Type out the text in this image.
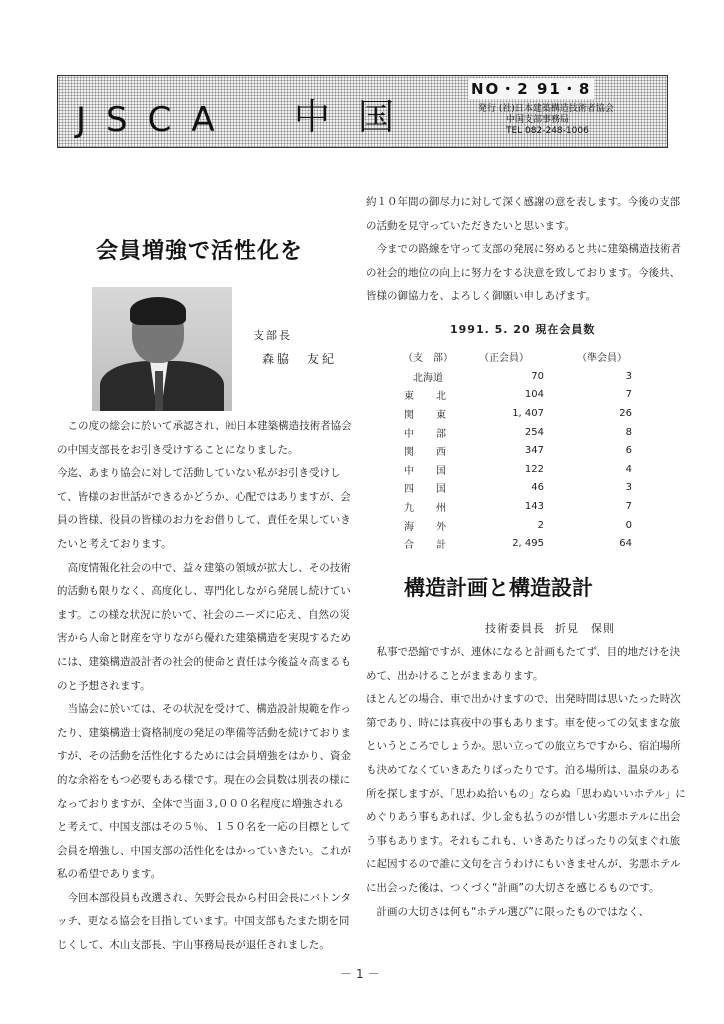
JSCA 中国
NO・2 91・8
発行 (社)日本建築構造技術者協会
中国支部事務局
TEL 082-248-1006
会員増強で活性化を
支部長
森脇　友紀

この度の総会に於いて承認され、㈳日本建築構造技術者協会の中国支部長をお引き受けすることになりました。

今迄、あまり協会に対して活動していない私がお引き受けして、皆様のお世話ができるかどうか、心配ではありますが、会員の皆様、役員の皆様のお力をお借りして、責任を果していきたいと考えております。

高度情報化社会の中で、益々建築の領域が拡大し、その技術的活動も限りなく、高度化し、専門化しながら発展し続けています。この様な状況に於いて、社会のニーズに応え、自然の災害から人命と財産を守りながら優れた建築構造を実現するためには、建築構造設計者の社会的使命と責任は今後益々高まるものと予想されます。

当協会に於いては、その状況を受けて、構造設計規範を作ったり、建築構造士資格制度の発足の準備等活動を続けておりますが、その活動を活性化するためには会員増強をはかり、資金的な余裕をもつ必要もある様です。現在の会員数は別表の様になっておりますが、全体で当面３,０００名程度に増強されると考えて、中国支部はその５％、１５０名を一応の目標として会員を増強し、中国支部の活性化をはかっていきたい。これが私の希望であります。

今回本部役員も改選され、矢野会長から村田会長にバトンタッチ、更なる協会を目指しています。中国支部もたまた期を同じくして、木山支部長、宇山事務局長が退任されました。

約１０年間の御尽力に対して深く感謝の意を表します。今後の支部の活動を見守っていただきたいと思います。

今までの路線を守って支部の発展に努めると共に建築構造技術者の社会的地位の向上に努力をする決意を致しております。今後共、皆様の御協力を、よろしく御願い申しあげます。

1991. 5. 20 現在会員数
（支　部）	（正会員）	（準会員）
北海道	70	3
東　北	104	7
関　東	1, 407	26
中　部	254	8
関　西	347	6
中　国	122	4
四　国	46	3
九　州	143	7
海　外	2	0
合　計	2, 495	64
構造計画と構造設計
技術委員長 折見　保則

私事で恐縮ですが、連休になると計画もたてず、目的地だけを決めて、出かけることがままあります。

ほとんどの場合、車で出かけますので、出発時間は思いたった時次第であり、時には真夜中の事もあります。車を使っての気ままな旅というところでしょうか。思い立っての旅立ちですから、宿泊場所も決めてなくていきあたりばったりです。泊る場所は、温泉のある所を探しますが、「思わぬ拾いもの」ならぬ「思わぬいいホテル」にめぐりあう事もあれば、少し金も払うのが惜しい劣悪ホテルに出会う事もあります。それもこれも、いきあたりばったりの気まぐれ旅に起因するので誰に文句を言うわけにもいきませんが、劣悪ホテルに出会った後は、つくづく“計画”の大切さを感じるものです。

計画の大切さは何も“ホテル選び”に限ったものではなく、

－1－
